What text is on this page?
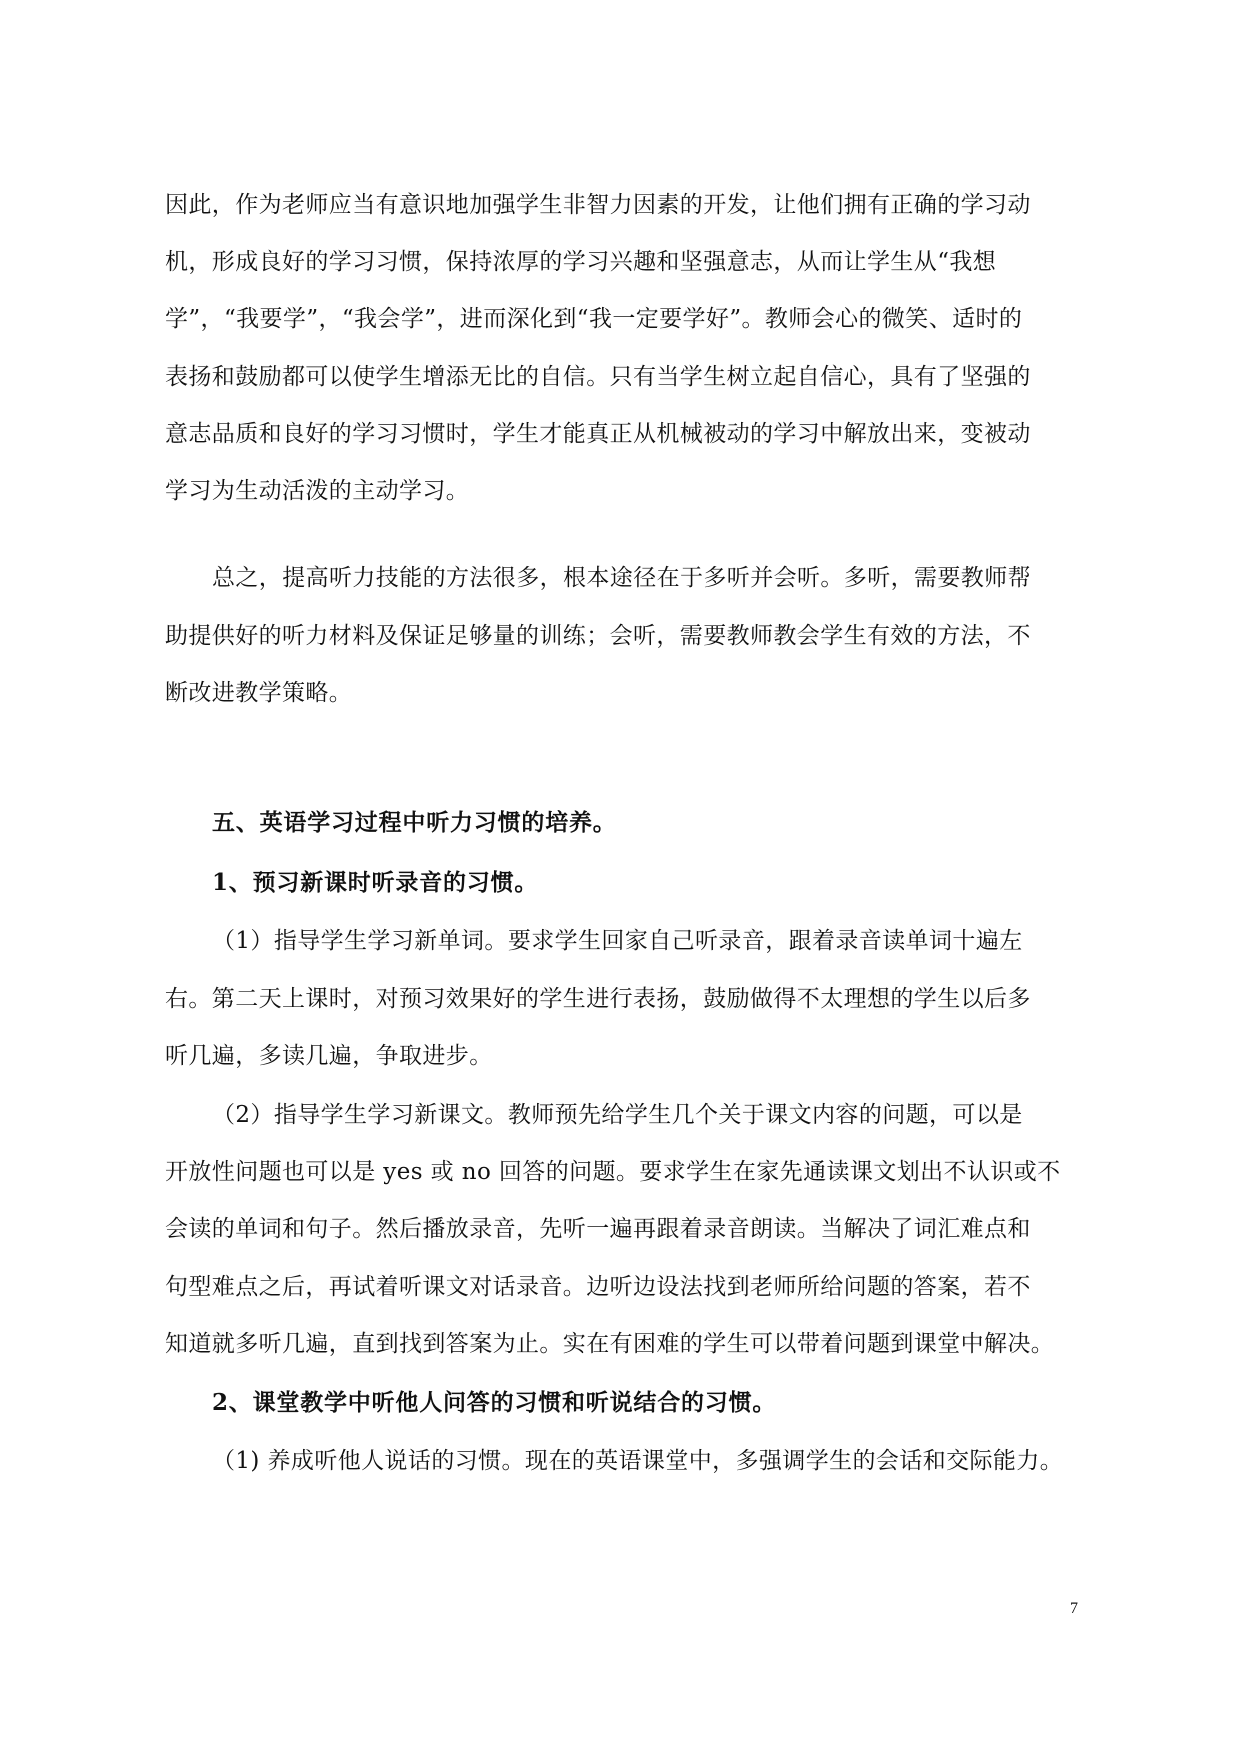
因此，作为老师应当有意识地加强学生非智力因素的开发，让他们拥有正确的学习动
机，形成良好的学习习惯，保持浓厚的学习兴趣和坚强意志，从而让学生从“我想
学”，“我要学”，“我会学”，进而深化到“我一定要学好”。教师会心的微笑、适时的
表扬和鼓励都可以使学生增添无比的自信。只有当学生树立起自信心，具有了坚强的
意志品质和良好的学习习惯时，学生才能真正从机械被动的学习中解放出来，变被动
学习为生动活泼的主动学习。
总之，提高听力技能的方法很多，根本途径在于多听并会听。多听，需要教师帮
助提供好的听力材料及保证足够量的训练；会听，需要教师教会学生有效的方法，不
断改进教学策略。
五、英语学习过程中听力习惯的培养。
1、预习新课时听录音的习惯。
（1）指导学生学习新单词。要求学生回家自己听录音，跟着录音读单词十遍左
右。第二天上课时，对预习效果好的学生进行表扬，鼓励做得不太理想的学生以后多
听几遍，多读几遍，争取进步。
（2）指导学生学习新课文。教师预先给学生几个关于课文内容的问题，可以是
开放性问题也可以是 yes 或 no 回答的问题。要求学生在家先通读课文划出不认识或不
会读的单词和句子。然后播放录音，先听一遍再跟着录音朗读。当解决了词汇难点和
句型难点之后，再试着听课文对话录音。边听边设法找到老师所给问题的答案，若不
知道就多听几遍，直到找到答案为止。实在有困难的学生可以带着问题到课堂中解决。
2、课堂教学中听他人问答的习惯和听说结合的习惯。
（1) 养成听他人说话的习惯。现在的英语课堂中，多强调学生的会话和交际能力。
7
